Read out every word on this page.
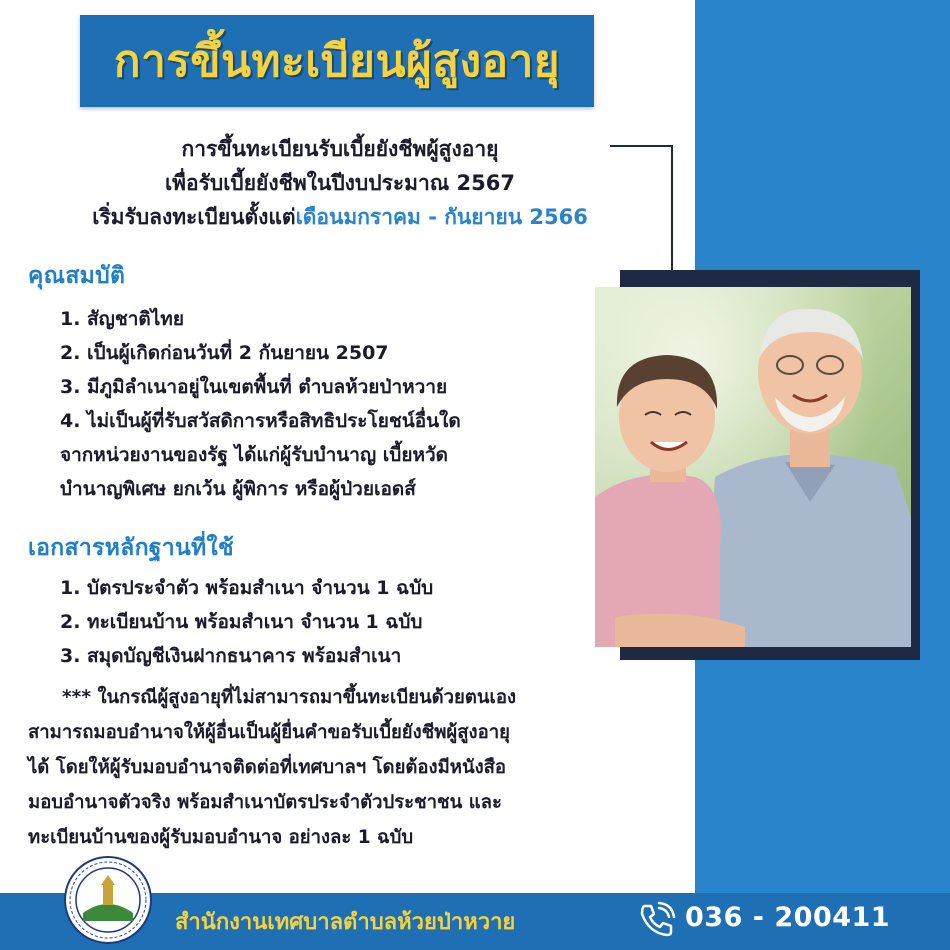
การขึ้นทะเบียนผู้สูงอายุ
การขึ้นทะเบียนรับเบี้ยยังชีพผู้สูงอายุ
เพื่อรับเบี้ยยังชีพในปีงบประมาณ 2567
เริ่มรับลงทะเบียนตั้งแต่เดือนมกราคม - กันยายน 2566
คุณสมบัติ
1. สัญชาติไทย
2. เป็นผู้เกิดก่อนวันที่ 2 กันยายน 2507
3. มีภูมิลำเนาอยู่ในเขตพื้นที่ ตำบลห้วยป่าหวาย
4. ไม่เป็นผู้ที่รับสวัสดิการหรือสิทธิประโยชน์อื่นใด
จากหน่วยงานของรัฐ ได้แก่ผู้รับบำนาญ เบี้ยหวัด
บำนาญพิเศษ ยกเว้น ผู้พิการ หรือผู้ป่วยเอดส์
เอกสารหลักฐานที่ใช้
1. บัตรประจำตัว พร้อมสำเนา จำนวน 1 ฉบับ
2. ทะเบียนบ้าน พร้อมสำเนา จำนวน 1 ฉบับ
3. สมุดบัญชีเงินฝากธนาคาร พร้อมสำเนา
*** ในกรณีผู้สูงอายุที่ไม่สามารถมาขึ้นทะเบียนด้วยตนเอง
สามารถมอบอำนาจให้ผู้อื่นเป็นผู้ยื่นคำขอรับเบี้ยยังชีพผู้สูงอายุ
ได้ โดยให้ผู้รับมอบอำนาจติดต่อที่เทศบาลฯ โดยต้องมีหนังสือ
มอบอำนาจตัวจริง พร้อมสำเนาบัตรประจำตัวประชาชน และ
ทะเบียนบ้านของผู้รับมอบอำนาจ อย่างละ 1 ฉบับ
สำนักงานเทศบาลตำบลห้วยป่าหวาย	036 - 200411
